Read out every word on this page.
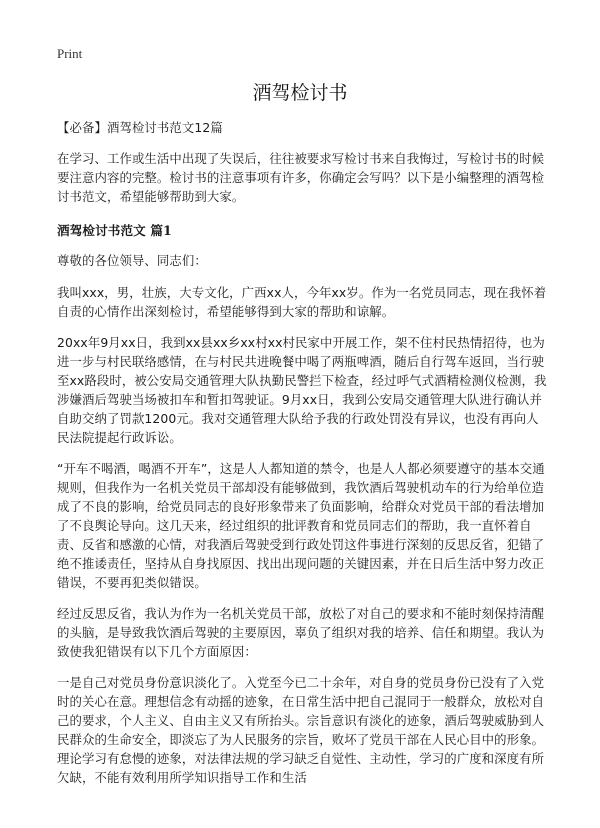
Print
酒驾检讨书

【必备】酒驾检讨书范文12篇

在学习、工作或生活中出现了失误后，往往被要求写检讨书来自我悔过，写检讨书的时候要注意内容的完整。检讨书的注意事项有许多，你确定会写吗？以下是小编整理的酒驾检讨书范文，希望能够帮助到大家。

酒驾检讨书范文 篇1

尊敬的各位领导、同志们：

我叫xxx，男，壮族，大专文化，广西xx人，今年xx岁。作为一名党员同志，现在我怀着自责的心情作出深刻检讨，希望能够得到大家的帮助和谅解。

20xx年9月xx日，我到xx县xx乡xx村xx村民家中开展工作，架不住村民热情招待，也为进一步与村民联络感情，在与村民共进晚餐中喝了两瓶啤酒，随后自行驾车返回，当行驶至xx路段时，被公安局交通管理大队执勤民警拦下检查，经过呼气式酒精检测仪检测，我涉嫌酒后驾驶当场被扣车和暂扣驾驶证。9月xx日，我到公安局交通管理大队进行确认并自助交纳了罚款1200元。我对交通管理大队给予我的行政处罚没有异议，也没有再向人民法院提起行政诉讼。

“开车不喝酒，喝酒不开车”，这是人人都知道的禁令，也是人人都必须要遵守的基本交通规则，但我作为一名机关党员干部却没有能够做到，我饮酒后驾驶机动车的行为给单位造成了不良的影响，给党员同志的良好形象带来了负面影响，给群众对党员干部的看法增加了不良舆论导向。这几天来，经过组织的批评教育和党员同志们的帮助，我一直怀着自责、反省和感激的心情，对我酒后驾驶受到行政处罚这件事进行深刻的反思反省，犯错了绝不推诿责任，坚持从自身找原因、找出出现问题的关键因素，并在日后生活中努力改正错误，不要再犯类似错误。

经过反思反省，我认为作为一名机关党员干部，放松了对自己的要求和不能时刻保持清醒的头脑，是导致我饮酒后驾驶的主要原因，辜负了组织对我的培养、信任和期望。我认为致使我犯错误有以下几个方面原因：

一是自己对党员身份意识淡化了。入党至今已二十余年，对自身的党员身份已没有了入党时的关心在意。理想信念有动摇的迹象，在日常生活中把自己混同于一般群众，放松对自己的要求，个人主义、自由主义又有所抬头。宗旨意识有淡化的迹象，酒后驾驶威胁到人民群众的生命安全，即淡忘了为人民服务的宗旨，败坏了党员干部在人民心目中的形象。理论学习有怠慢的迹象，对法律法规的学习缺乏自觉性、主动性，学习的广度和深度有所欠缺，不能有效利用所学知识指导工作和生活
